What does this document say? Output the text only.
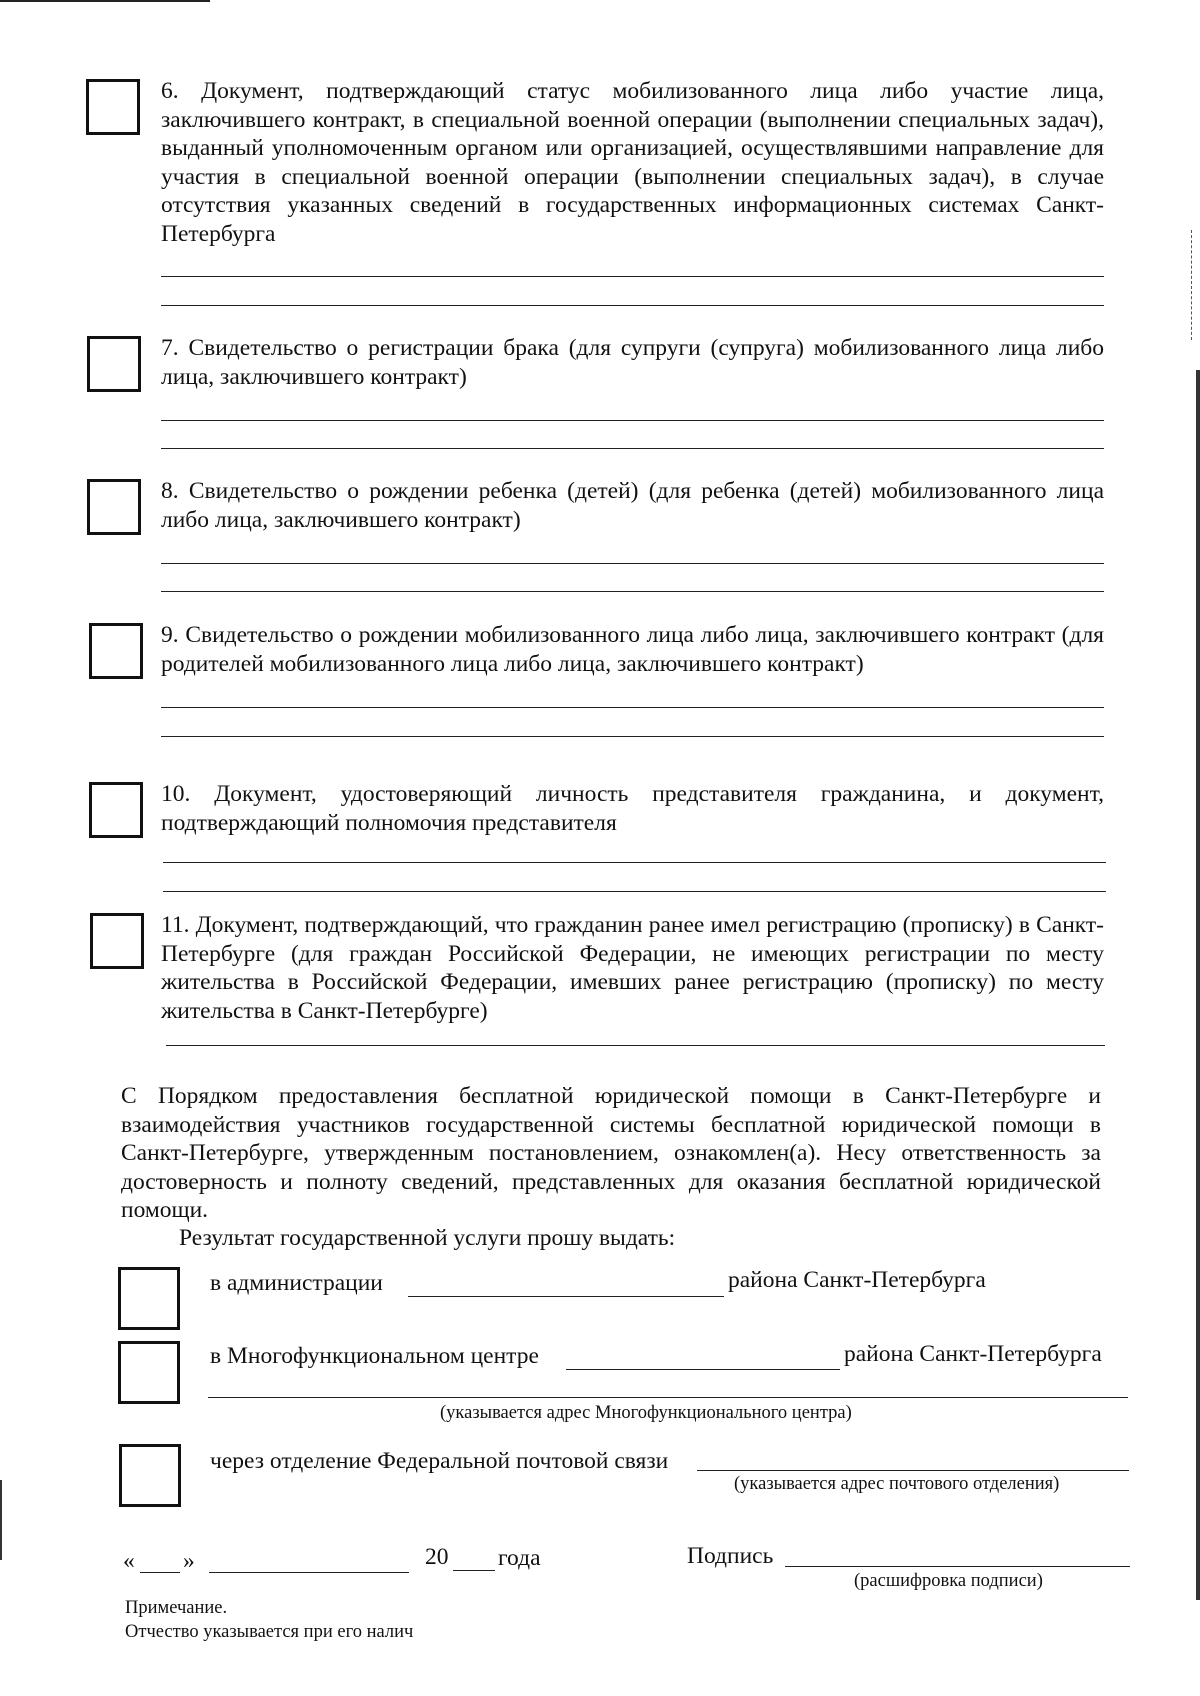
6. Документ, подтверждающий статус мобилизованного лица либо участие лица, заключившего контракт, в специальной военной операции (выполнении специальных задач), выданный уполномоченным органом или организацией, осуществлявшими направление для участия в специальной военной операции (выполнении специальных задач), в случае отсутствия указанных сведений в государственных информационных системах Санкт-Петербурга
7. Свидетельство о регистрации брака (для супруги (супруга) мобилизованного лица либо лица, заключившего контракт)
8. Свидетельство о рождении ребенка (детей) (для ребенка (детей) мобилизованного лица либо лица, заключившего контракт)
9. Свидетельство о рождении мобилизованного лица либо лица, заключившего контракт (для родителей мобилизованного лица либо лица, заключившего контракт)
10. Документ, удостоверяющий личность представителя гражданина, и документ, подтверждающий полномочия представителя
11. Документ, подтверждающий, что гражданин ранее имел регистрацию (прописку) в Санкт-Петербурге (для граждан Российской Федерации, не имеющих регистрации по месту жительства в Российской Федерации, имевших ранее регистрацию (прописку) по месту жительства в Санкт-Петербурге)
С Порядком предоставления бесплатной юридической помощи в Санкт-Петербурге и взаимодействия участников государственной системы бесплатной юридической помощи в Санкт-Петербурге, утвержденным постановлением, ознакомлен(а). Несу ответственность за достоверность и полноту сведений, представленных для оказания бесплатной юридической помощи.
Результат государственной услуги прошу выдать:
в администрации	района Санкт-Петербурга
в Многофункциональном центре	района Санкт-Петербурга
(указывается адрес Многофункционального центра)
через отделение Федеральной почтовой связи
(указывается адрес почтового отделения)
« »	20 года	Подпись
(расшифровка подписи)
Примечание.
Отчество указывается при его налич
